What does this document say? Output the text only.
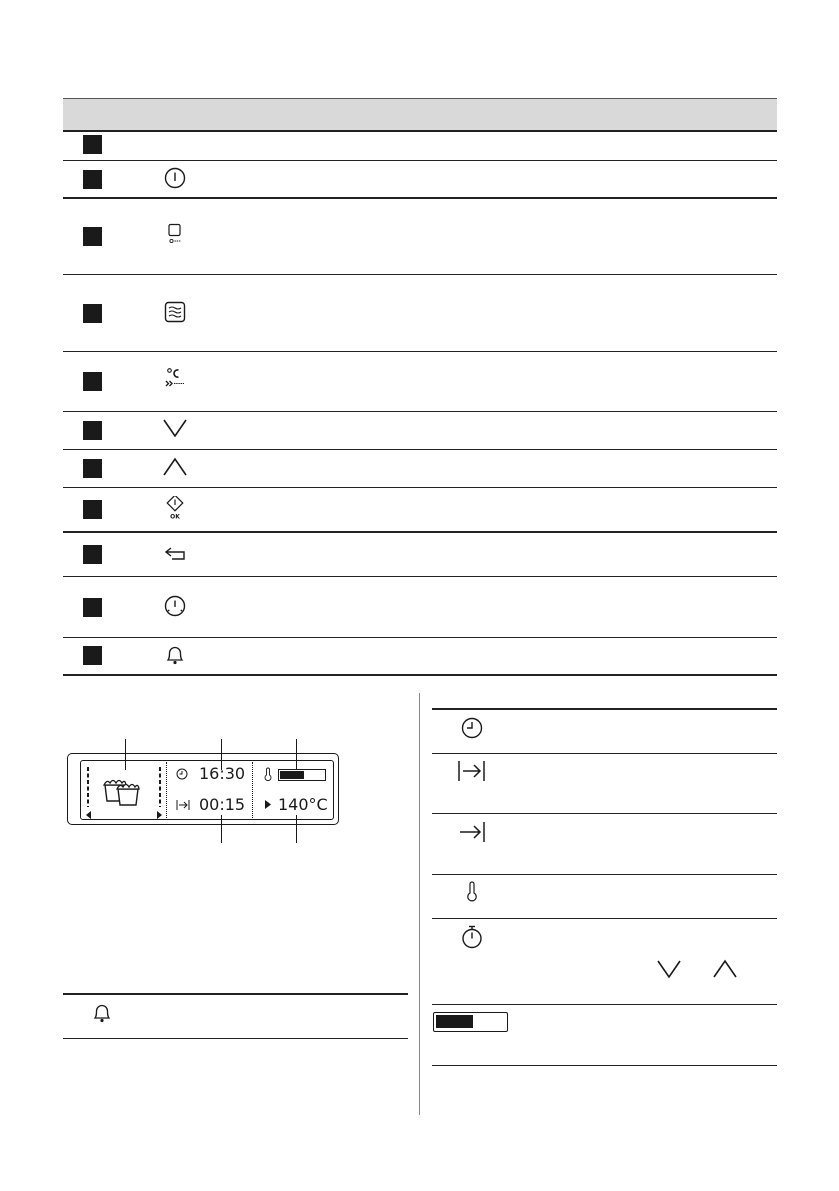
OK
16:30
00:15 140°C
